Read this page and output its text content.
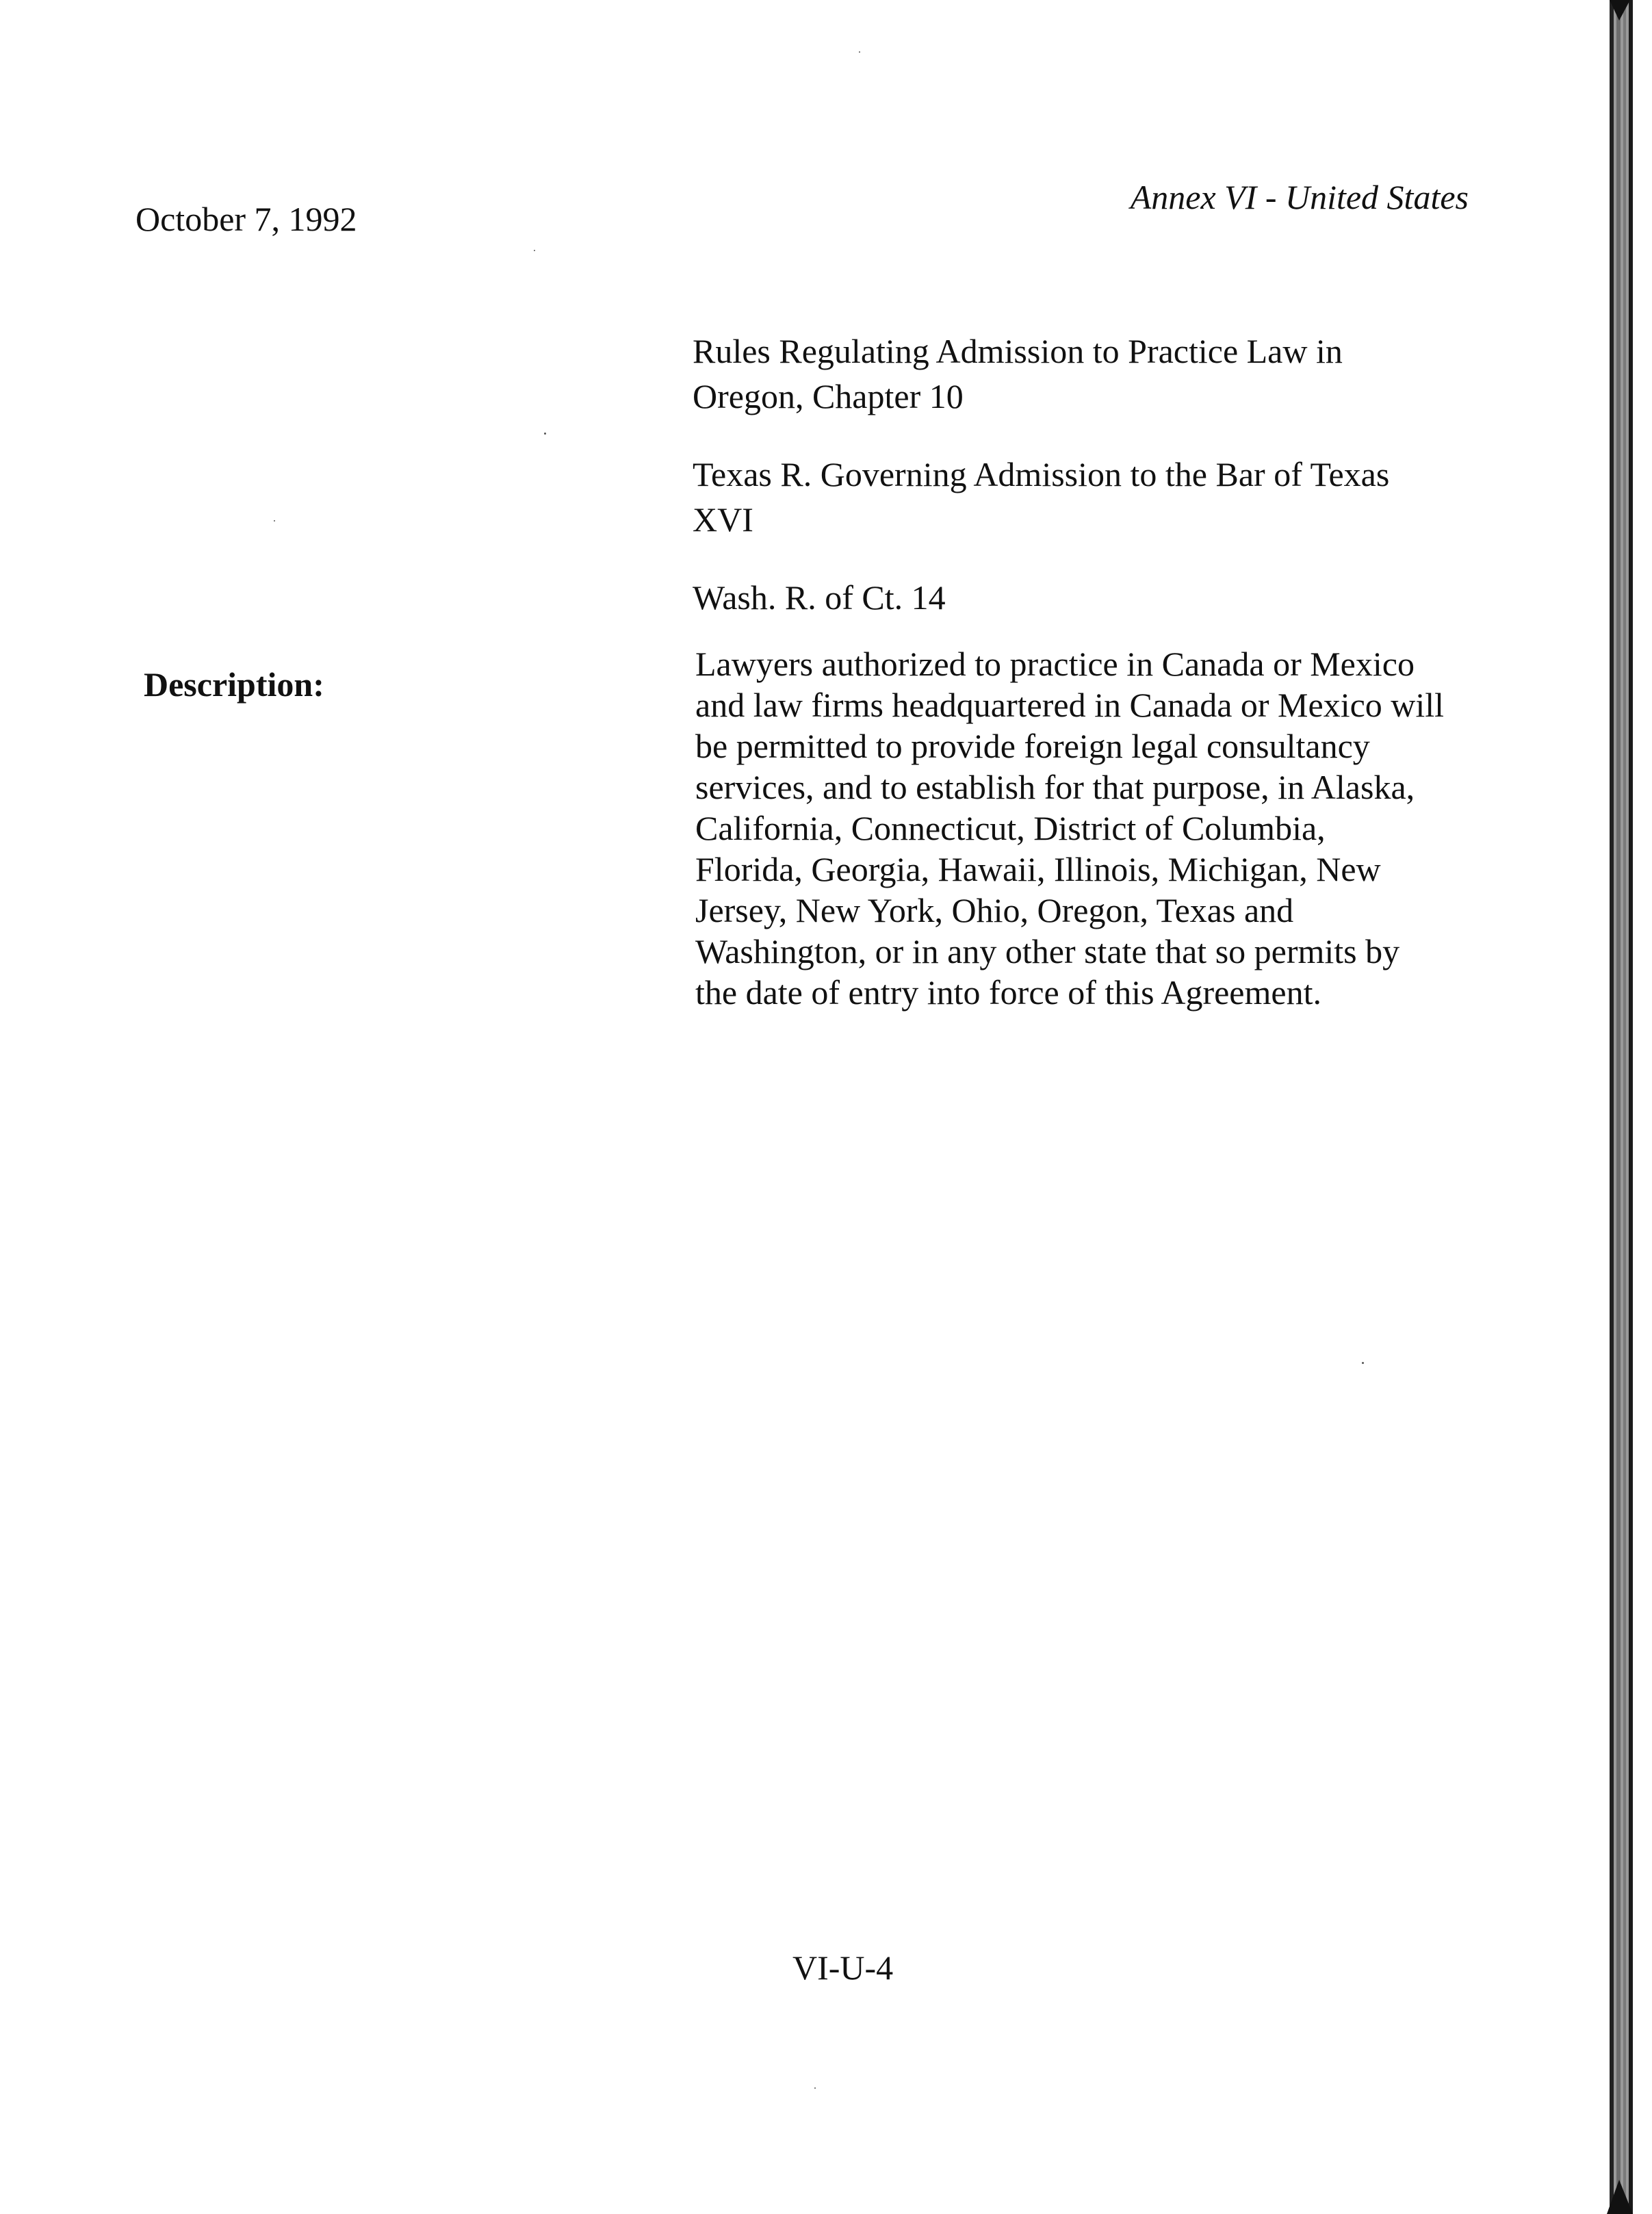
October 7, 1992
Annex VI - United States

Rules Regulating Admission to Practice Law in Oregon, Chapter 10

Texas R. Governing Admission to the Bar of Texas XVI

Wash. R. of Ct. 14

Description:
Lawyers authorized to practice in Canada or Mexico
and law firms headquartered in Canada or Mexico will
be permitted to provide foreign legal consultancy
services, and to establish for that purpose, in Alaska,
California, Connecticut, District of Columbia,
Florida, Georgia, Hawaii, Illinois, Michigan, New
Jersey, New York, Ohio, Oregon, Texas and
Washington, or in any other state that so permits by
the date of entry into force of this Agreement.
VI-U-4
